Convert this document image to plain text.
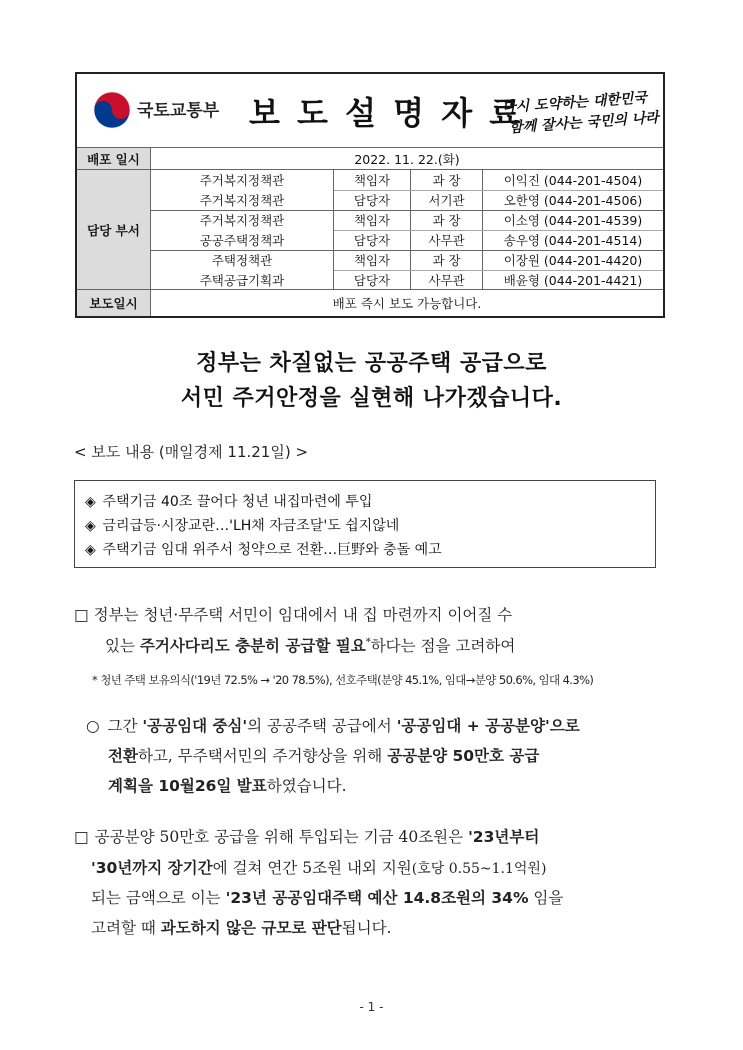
국토교통부 보 도 설 명 자 료
다시 도약하는 대한민국
함께 잘사는 국민의 나라
배포 일시	2022. 11. 22.(화)
담당 부서
주거복지정책관	책임자	과 장	이익진 (044-201-4504)
주거복지정책관	담당자	서기관	오한영 (044-201-4506)
주거복지정책관	책임자	과 장	이소영 (044-201-4539)
공공주택정책과	담당자	사무관	송우영 (044-201-4514)
주택정책관	책임자	과 장	이장원 (044-201-4420)
주택공급기획과	담당자	사무관	배윤형 (044-201-4421)
보도일시	배포 즉시 보도 가능합니다.
정부는 차질없는 공공주택 공급으로
서민 주거안정을 실현해 나가겠습니다.
< 보도 내용 (매일경제 11.21일) >
◈ 주택기금 40조 끌어다 청년 내집마련에 투입
◈ 금리급등·시장교란…'LH채 자금조달'도 쉽지않네
◈ 주택기금 임대 위주서 청약으로 전환…巨野와 충돌 예고
□ 정부는 청년·무주택 서민이 임대에서 내 집 마련까지 이어질 수
있는 주거사다리도 충분히 공급할 필요*하다는 점을 고려하여
* 청년 주택 보유의식('19년 72.5% → '20 78.5%), 선호주택(분양 45.1%, 임대→분양 50.6%, 임대 4.3%)
○ 그간 '공공임대 중심'의 공공주택 공급에서 '공공임대 + 공공분양'으로
전환하고, 무주택서민의 주거향상을 위해 공공분양 50만호 공급
계획을 10월26일 발표하였습니다.
□ 공공분양 50만호 공급을 위해 투입되는 기금 40조원은 '23년부터
'30년까지 장기간에 걸쳐 연간 5조원 내외 지원(호당 0.55~1.1억원)
되는 금액으로 이는 '23년 공공임대주택 예산 14.8조원의 34% 임을
고려할 때 과도하지 않은 규모로 판단됩니다.
- 1 -
